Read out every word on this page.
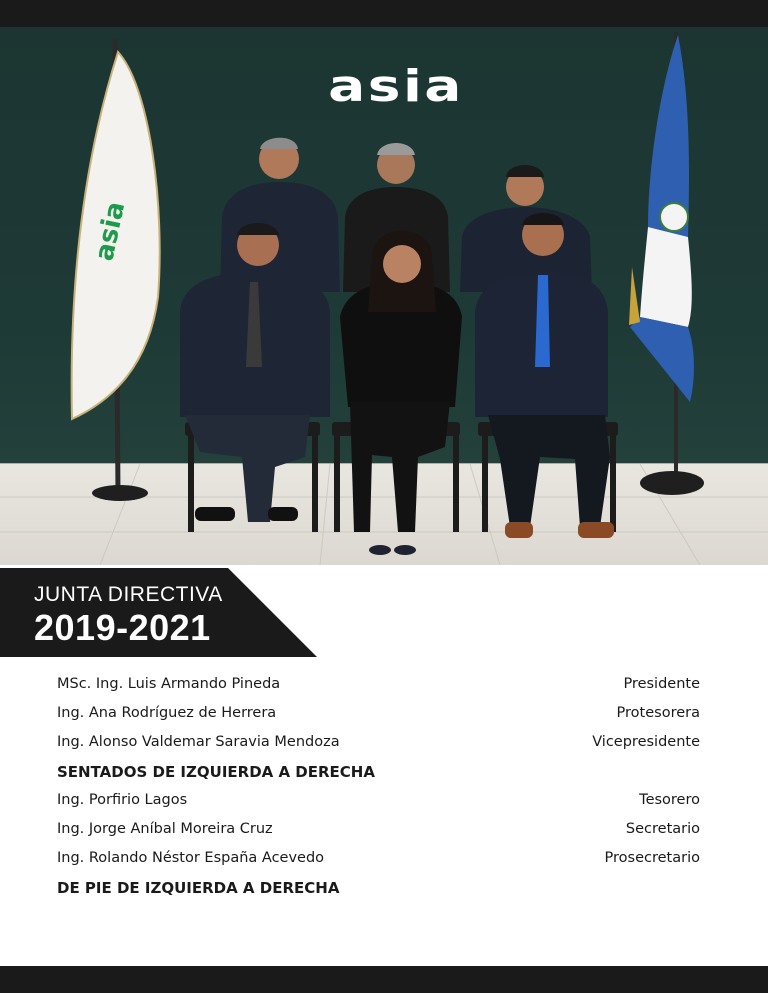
asia
asia
JUNTA DIRECTIVA
2019-2021
MSc. Ing. Luis Armando Pineda	Presidente
Ing. Ana Rodríguez de Herrera	Protesorera
Ing. Alonso Valdemar Saravia Mendoza	Vicepresidente
SENTADOS DE IZQUIERDA A DERECHA
Ing. Porfirio Lagos	Tesorero
Ing. Jorge Aníbal Moreira Cruz	Secretario
Ing. Rolando Néstor España Acevedo	Prosecretario
DE PIE DE IZQUIERDA A DERECHA
